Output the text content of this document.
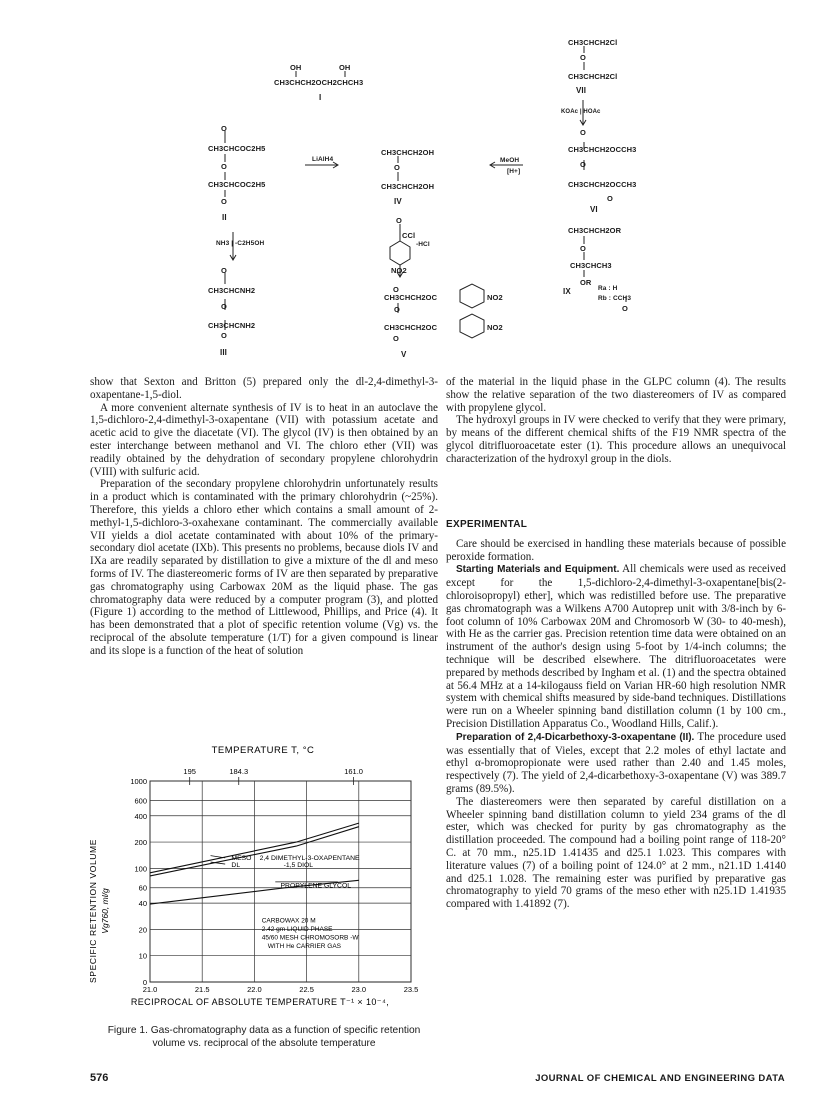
OH	OH
CH3CHCH2OCH2CHCH3
I
O
CH3CHCOC2H5
O
CH3CHCOC2H5
O
II
LiAlH4
CH3CHCH2OH
O
CH3CHCH2OH
IV
MeOH
[H+]
NH3 | -C2H5OH
O
CH3CHCNH2
O
CH3CHCNH2
O
III
O
CCl
-HCl
NO2
O
CH3CHCH2OC	NO2
O
CH3CHCH2OC	NO2
O
V
CH3CHCH2Cl
O
CH3CHCH2Cl
VII
KOAc | HOAc
O
CH3CHCH2OCCH3
O
CH3CHCH2OCCH3
O
VI
CH3CHCH2OR
O
CH3CHCH3
OR
IX	Ra : H
Rb : CCH3
O

show that Sexton and Britton (5) prepared only the dl-2,4-dimethyl-3-oxapentane-1,5-diol.

A more convenient alternate synthesis of IV is to heat in an autoclave the 1,5-dichloro-2,4-dimethyl-3-oxapentane (VII) with potassium acetate and acetic acid to give the diacetate (VI). The glycol (IV) is then obtained by an ester interchange between methanol and VI. The chloro ether (VII) was readily obtained by the dehydration of secondary propylene chlorohydrin (VIII) with sulfuric acid.

Preparation of the secondary propylene chlorohydrin unfortunately results in a product which is contaminated with the primary chlorohydrin (~25%). Therefore, this yields a chloro ether which contains a small amount of 2-methyl-1,5-dichloro-3-oxahexane contaminant. The commercially available VII yields a diol acetate contaminated with about 10% of the primary-secondary diol acetate (IXb). This presents no problems, because diols IV and IXa are readily separated by distillation to give a mixture of the dl and meso forms of IV. The diastereomeric forms of IV are then separated by preparative gas chromatography using Carbowax 20M as the liquid phase. The gas chromatography data were reduced by a computer program (3), and plotted (Figure 1) according to the method of Littlewood, Phillips, and Price (4). It has been demonstrated that a plot of specific retention volume (Vg) vs. the reciprocal of the absolute temperature (1/T) for a given compound is linear and its slope is a function of the heat of solution

of the material in the liquid phase in the GLPC column (4). The results show the relative separation of the two diastereomers of IV as compared with propylene glycol.

The hydroxyl groups in IV were checked to verify that they were primary, by means of the different chemical shifts of the F19 NMR spectra of the glycol ditrifluoroacetate ester (1). This procedure allows an unequivocal characterization of the hydroxyl group in the diols.

EXPERIMENTAL

Care should be exercised in handling these materials because of possible peroxide formation.

Starting Materials and Equipment. All chemicals were used as received except for the 1,5-dichloro-2,4-dimethyl-3-oxapentane[bis(2-chloroisopropyl) ether], which was redistilled before use. The preparative gas chromatograph was a Wilkens A700 Autoprep unit with 3/8-inch by 6-foot column of 10% Carbowax 20M and Chromosorb W (30- to 40-mesh), with He as the carrier gas. Precision retention time data were obtained on an instrument of the author's design using 5-foot by 1/4-inch columns; the technique will be described elsewhere. The ditrifluoroacetates were prepared by methods described by Ingham et al. (1) and the spectra obtained at 56.4 MHz at a 14-kilogauss field on Varian HR-60 high resolution NMR system with chemical shifts measured by side-band techniques. Distillations were run on a Wheeler spinning band distillation column (1 by 100 cm., Precision Distillation Apparatus Co., Woodland Hills, Calif.).

Preparation of 2,4-Dicarbethoxy-3-oxapentane (II). The procedure used was essentially that of Vieles, except that 2.2 moles of ethyl lactate and ethyl α-bromopropionate were used rather than 2.40 and 1.45 moles, respectively (7). The yield of 2,4-dicarbethoxy-3-oxapentane (V) was 389.7 grams (89.5%).

The diastereomers were then separated by careful distillation on a Wheeler spinning band distillation column to yield 234 grams of the dl ester, which was checked for purity by gas chromatography as the distillation proceeded. The compound had a boiling point range of 118-20° C. at 70 mm., n25.1D 1.41435 and d25.1 1.023. This compares with literature values (7) of a boiling point of 124.0° at 2 mm., n21.1D 1.4140 and d25.1 1.028. The remaining ester was purified by preparative gas chromatography to yield 70 grams of the meso ether with n25.1D 1.41935 compared with 1.41892 (7).

TEMPERATURE T, °C
1000
600
400
200
100
60
40
20
10
0
21.0	21.5	22.0	22.5	23.0	23.5
195	184.3	161.0
MESO
DL
2,4 DIMETHYL-3-OXAPENTANE
-1,5 DIOL
PROPYLENE GLYCOL
CARBOWAX 20 M
2.42 gm LIQUID PHASE
45/60 MESH CHROMOSORB -W
WITH He CARRIER GAS
RECIPROCAL OF ABSOLUTE TEMPERATURE T⁻¹ × 10⁻⁴,
SPECIFIC RETENTION VOLUME Vg760, ml/g
Figure 1. Gas-chromatography data as a function of specific retention volume vs. reciprocal of the absolute temperature
576	JOURNAL OF CHEMICAL AND ENGINEERING DATA
